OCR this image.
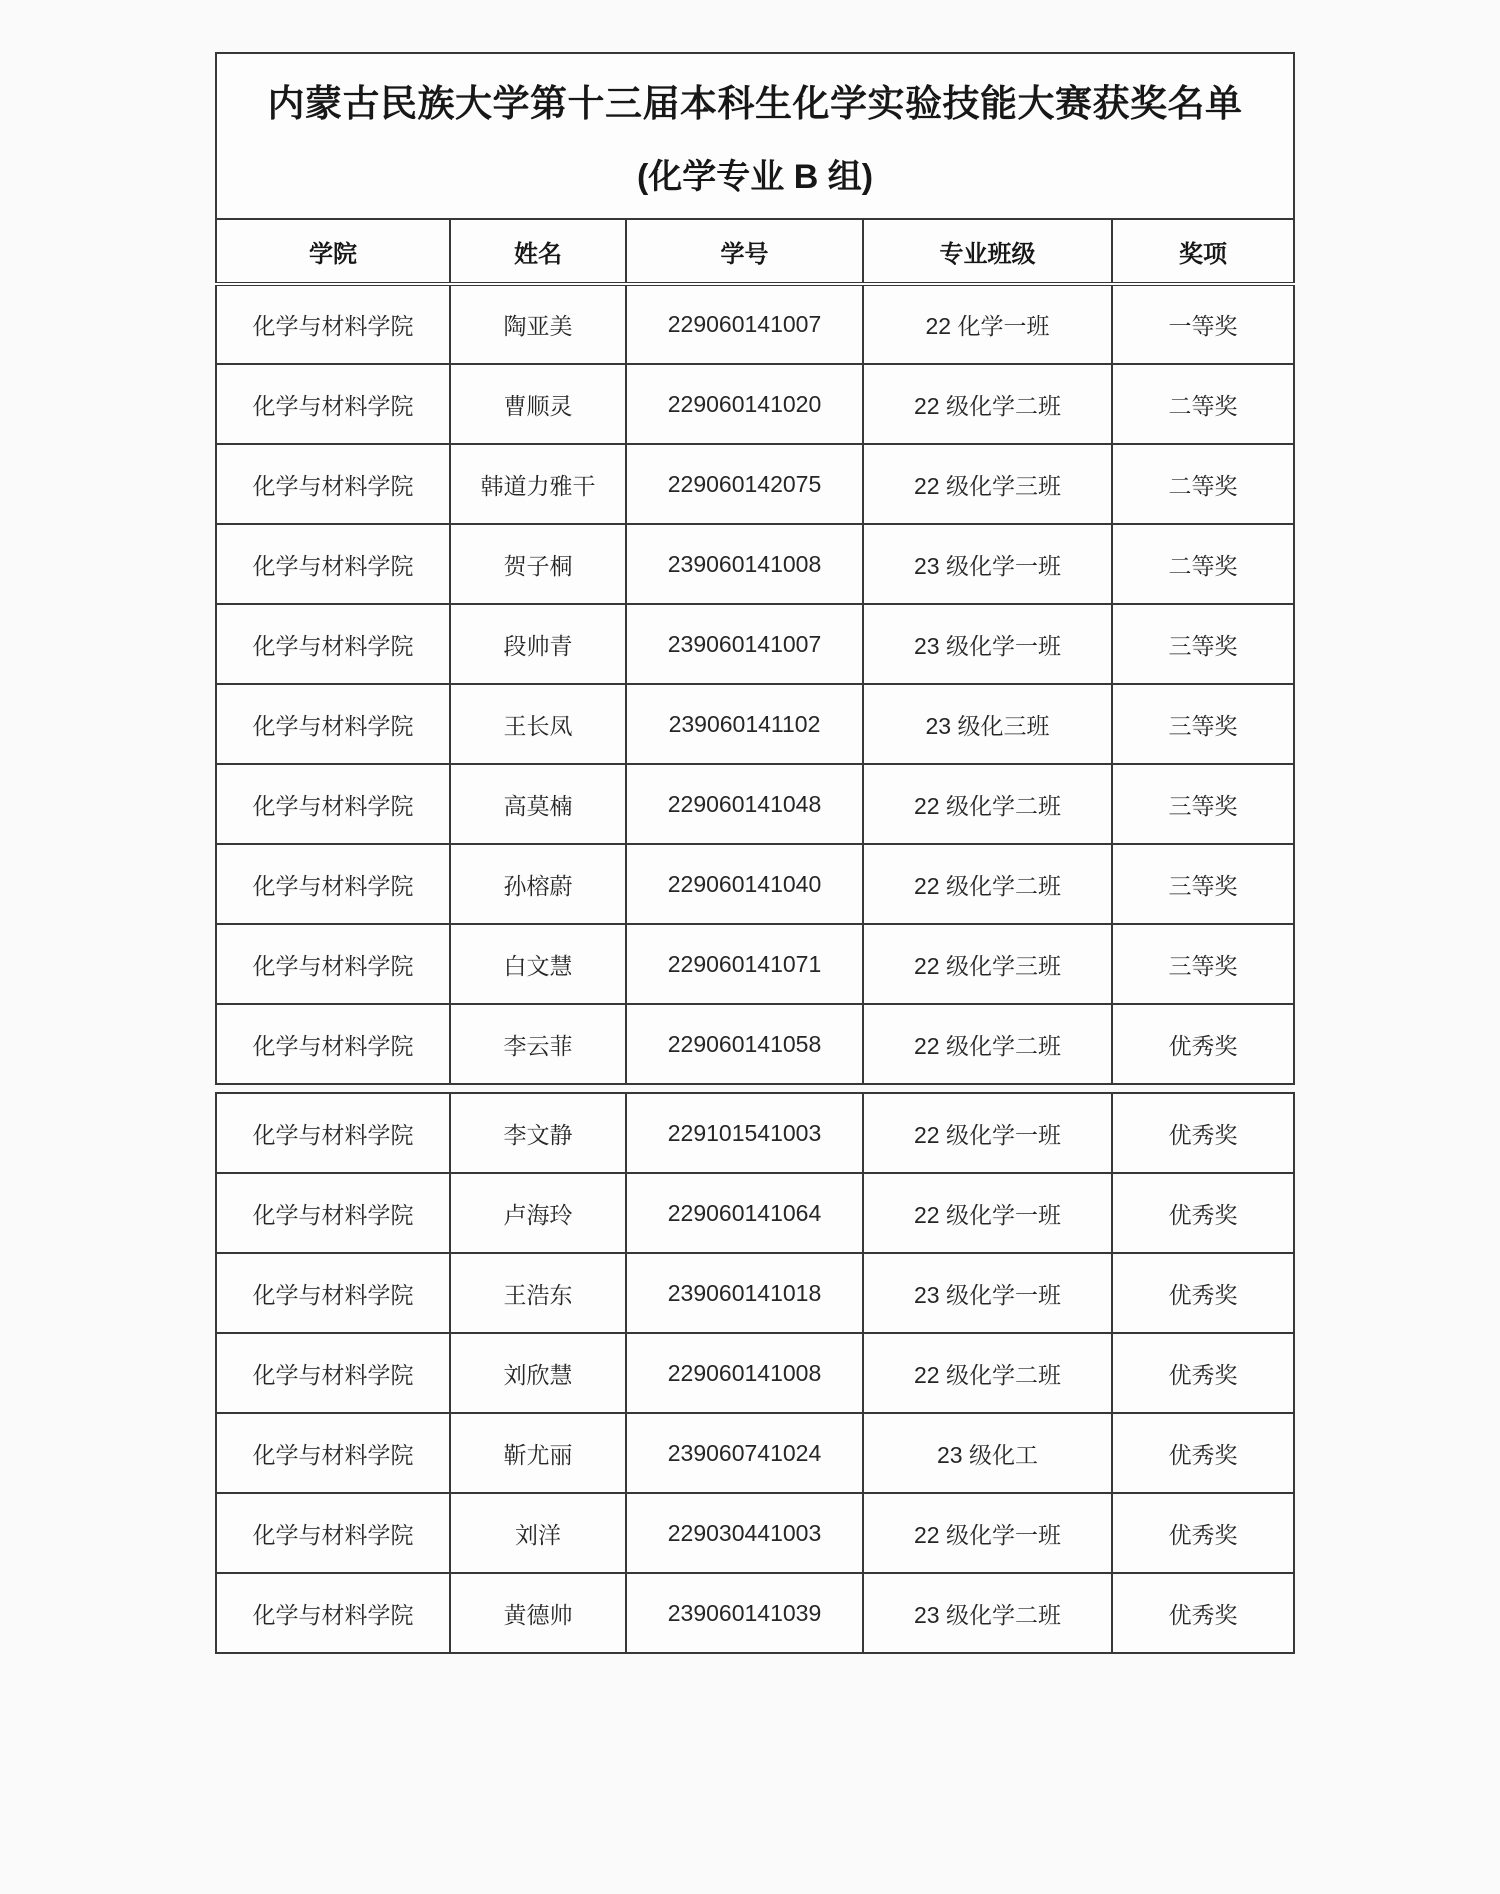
内蒙古民族大学第十三届本科生化学实验技能大赛获奖名单
(化学专业 B 组)				

学院	姓名	学号	专业班级	奖项
化学与材料学院	陶亚美	229060141007	22 化学一班	一等奖
化学与材料学院	曹顺灵	229060141020	22 级化学二班	二等奖
化学与材料学院	韩道力雅干	229060142075	22 级化学三班	二等奖
化学与材料学院	贺子桐	239060141008	23 级化学一班	二等奖
化学与材料学院	段帅青	239060141007	23 级化学一班	三等奖
化学与材料学院	王长凤	239060141102	23 级化三班	三等奖
化学与材料学院	高莫楠	229060141048	22 级化学二班	三等奖
化学与材料学院	孙榕蔚	229060141040	22 级化学二班	三等奖
化学与材料学院	白文慧	229060141071	22 级化学三班	三等奖
化学与材料学院	李云菲	229060141058	22 级化学二班	优秀奖
化学与材料学院	李文静	229101541003	22 级化学一班	优秀奖
化学与材料学院	卢海玲	229060141064	22 级化学一班	优秀奖
化学与材料学院	王浩东	239060141018	23 级化学一班	优秀奖
化学与材料学院	刘欣慧	229060141008	22 级化学二班	优秀奖
化学与材料学院	靳尤丽	239060741024	23 级化工	优秀奖
化学与材料学院	刘洋	229030441003	22 级化学一班	优秀奖
化学与材料学院	黄德帅	239060141039	23 级化学二班	优秀奖
